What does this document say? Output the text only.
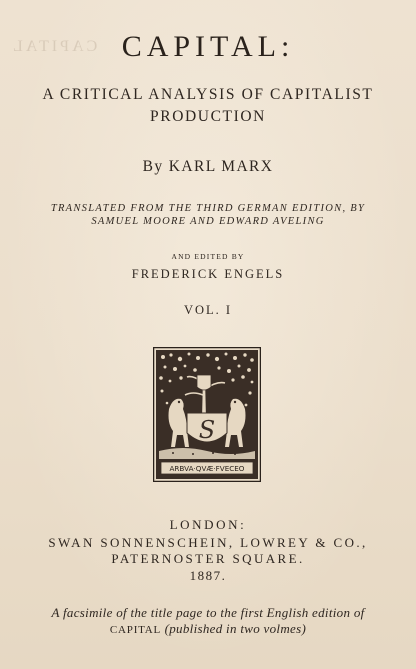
CAPITAL CAPITAL:
A CRITICAL ANALYSIS OF CAPITALIST
PRODUCTION
By KARL MARX
TRANSLATED FROM THE THIRD GERMAN EDITION, BY
SAMUEL MOORE AND EDWARD AVELING
AND EDITED BY
FREDERICK ENGELS
VOL. I
S
ARBVA·QVÆ·FVECEO
LONDON:
SWAN SONNENSCHEIN, LOWREY & CO.,
PATERNOSTER SQUARE.
1887.
A facsimile of the title page to the first English edition of
CAPITAL (published in two volmes)
